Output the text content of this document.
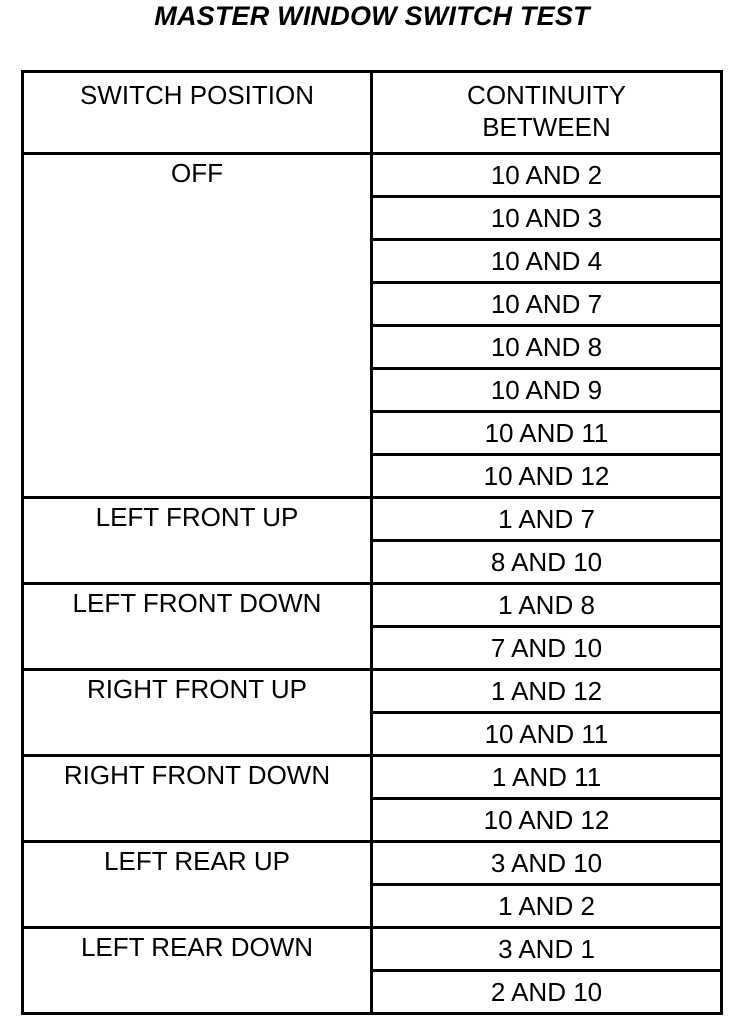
MASTER WINDOW SWITCH TEST
SWITCH POSITION	CONTINUITY
BETWEEN
OFF	10 AND 2
	10 AND 3
	10 AND 4
	10 AND 7
	10 AND 8
	10 AND 9
	10 AND 11
	10 AND 12
LEFT FRONT UP	1 AND 7
	8 AND 10
LEFT FRONT DOWN	1 AND 8
	7 AND 10
RIGHT FRONT UP	1 AND 12
	10 AND 11
RIGHT FRONT DOWN	1 AND 11
	10 AND 12
LEFT REAR UP	3 AND 10
	1 AND 2
LEFT REAR DOWN	3 AND 1
	2 AND 10
